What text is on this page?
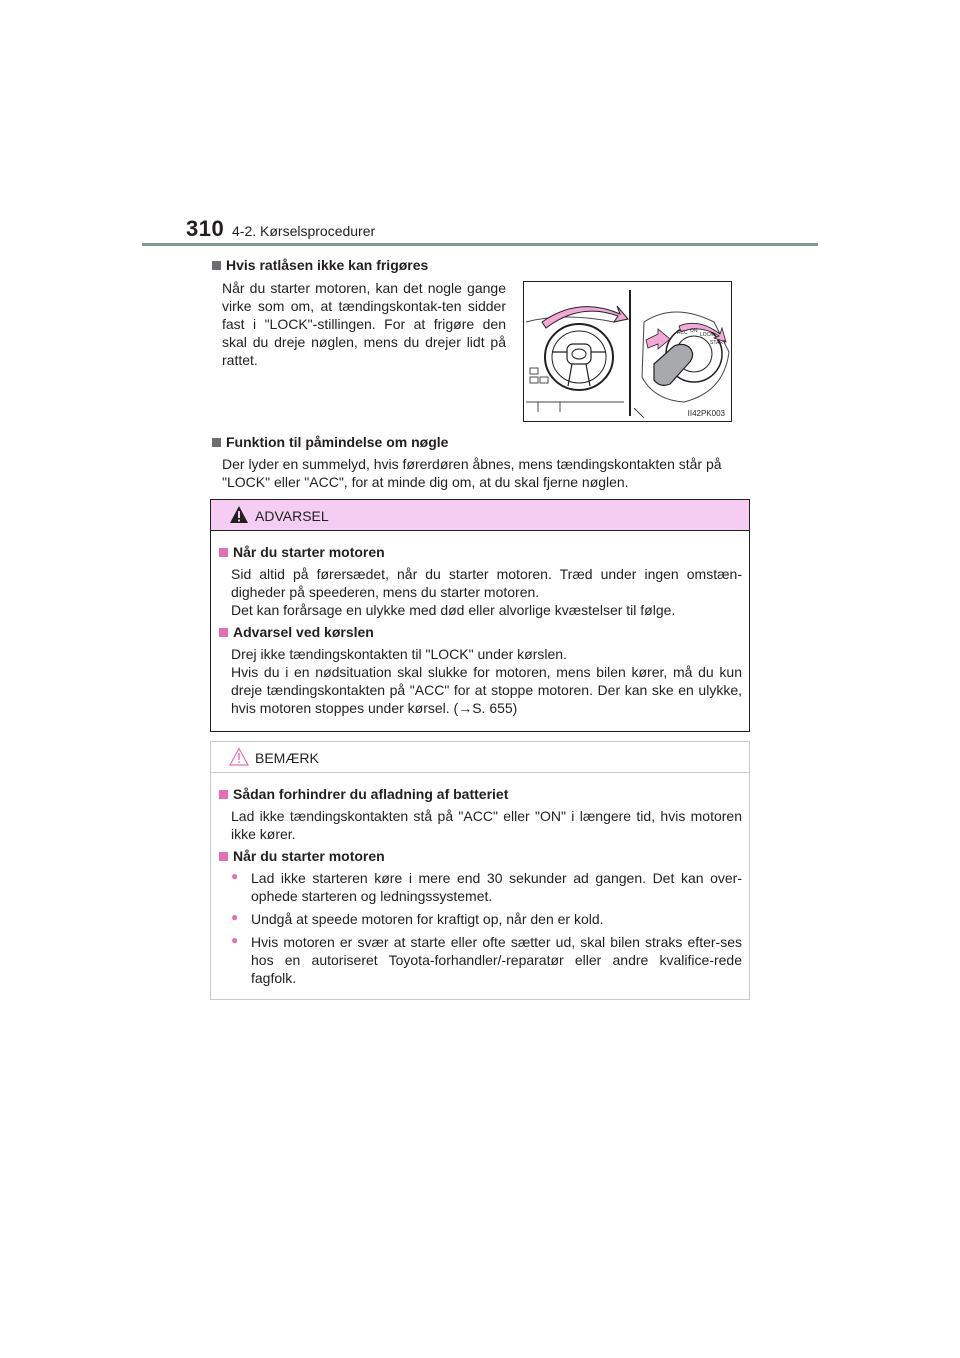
310 4-2. Kørselsprocedurer
Hvis ratlåsen ikke kan frigøres
Når du starter motoren, kan det nogle gange virke som om, at tændingskontak-ten sidder fast i "LOCK"-stillingen. For at frigøre den skal du dreje nøglen, mens du drejer lidt på rattet.
ACC ON
LOCK
START
II42PK003
Funktion til påmindelse om nøgle
Der lyder en summelyd, hvis førerdøren åbnes, mens tændingskontakten står på "LOCK" eller "ACC", for at minde dig om, at du skal fjerne nøglen.
ADVARSEL
Når du starter motoren
Sid altid på førersædet, når du starter motoren. Træd under ingen omstæn-digheder på speederen, mens du starter motoren.
Det kan forårsage en ulykke med død eller alvorlige kvæstelser til følge.
Advarsel ved kørslen
Drej ikke tændingskontakten til "LOCK" under kørslen.
Hvis du i en nødsituation skal slukke for motoren, mens bilen kører, må du kun dreje tændingskontakten på "ACC" for at stoppe motoren. Der kan ske en ulykke, hvis motoren stoppes under kørsel. (→S. 655)
BEMÆRK
Sådan forhindrer du afladning af batteriet
Lad ikke tændingskontakten stå på "ACC" eller "ON" i længere tid, hvis motoren ikke kører.
Når du starter motoren
● Lad ikke starteren køre i mere end 30 sekunder ad gangen. Det kan over-ophede starteren og ledningssystemet.
● Undgå at speede motoren for kraftigt op, når den er kold.
● Hvis motoren er svær at starte eller ofte sætter ud, skal bilen straks efter-ses hos en autoriseret Toyota-forhandler/-reparatør eller andre kvalifice-rede fagfolk.
